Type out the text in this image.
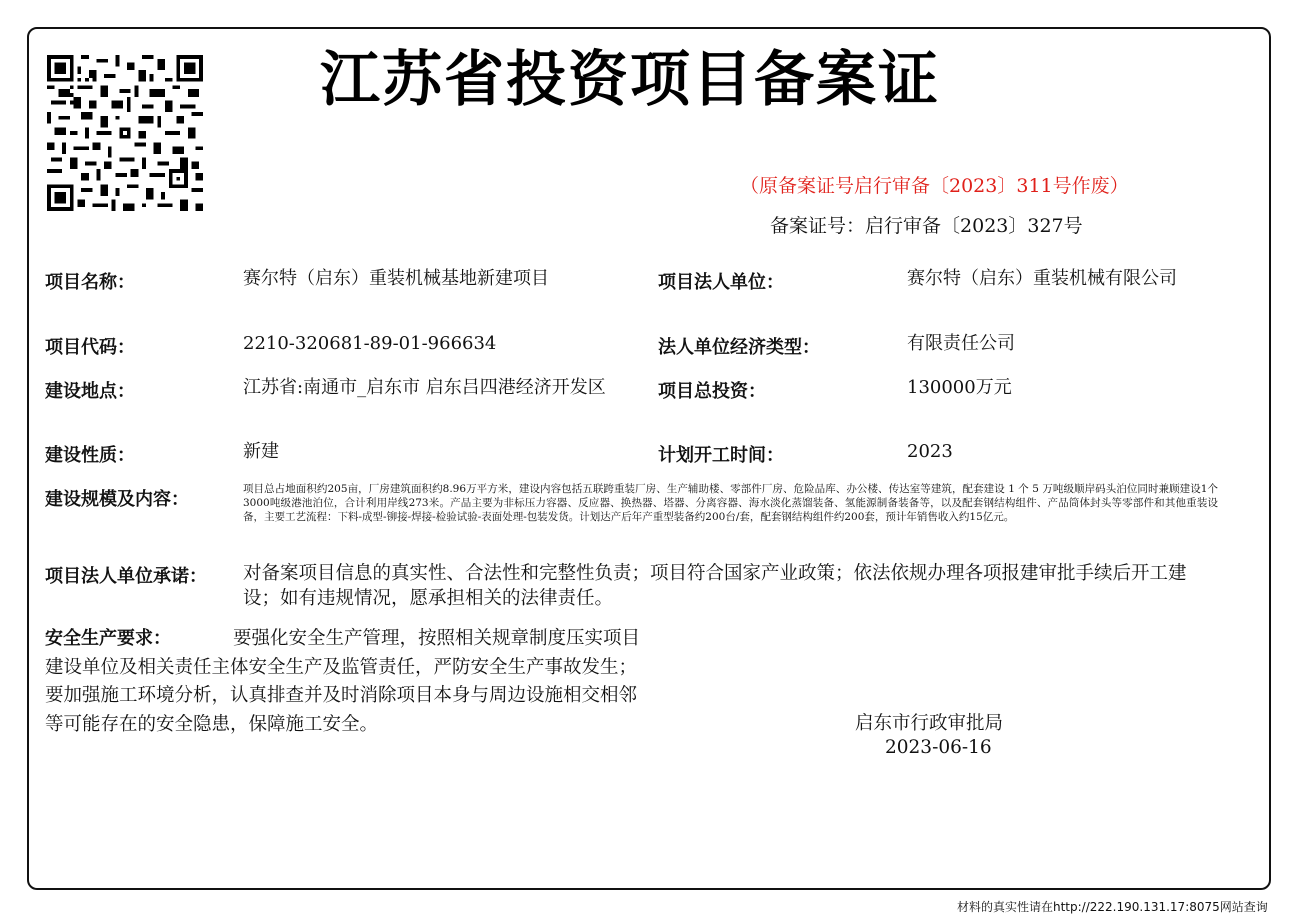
江苏省投资项目备案证
（原备案证号启行审备〔2023〕311号作废）
备案证号：启行审备〔2023〕327号
项目名称：	赛尔特（启东）重装机械基地新建项目
项目代码：	2210-320681-89-01-966634
建设地点：	江苏省:南通市_启东市 启东吕四港经济开发区
建设性质：	新建
项目法人单位：	赛尔特（启东）重装机械有限公司
法人单位经济类型：	有限责任公司
项目总投资：	130000万元
计划开工时间：	2023
建设规模及内容：	项目总占地面积约205亩，厂房建筑面积约8.96万平方米，建设内容包括五联跨重装厂房、生产辅助楼、零部件厂房、危险品库、办公楼、传达室等建筑，配套建设 1 个 5 万吨级顺岸码头泊位同时兼顾建设1个3000吨级港池泊位，合计利用岸线273米。产品主要为非标压力容器、反应器、换热器、塔器、分离容器、海水淡化蒸馏装备、氢能源制备装备等，以及配套钢结构组件、产品筒体封头等零部件和其他重装设备，主要工艺流程：下料-成型-铆接-焊接-检验试验-表面处理-包装发货。计划达产后年产重型装备约200台/套，配套钢结构组件约200套，预计年销售收入约15亿元。
项目法人单位承诺： 对备案项目信息的真实性、合法性和完整性负责；项目符合国家产业政策；依法依规办理各项报建审批手续后开工建设；如有违规情况，愿承担相关的法律责任。
安全生产要求：	要强化安全生产管理，按照相关规章制度压实项目建设单位及相关责任主体安全生产及监管责任，严防安全生产事故发生；要加强施工环境分析，认真排查并及时消除项目本身与周边设施相交相邻等可能存在的安全隐患，保障施工安全。	启东市行政审批局
2023-06-16
材料的真实性请在http://222.190.131.17:8075网站查询
